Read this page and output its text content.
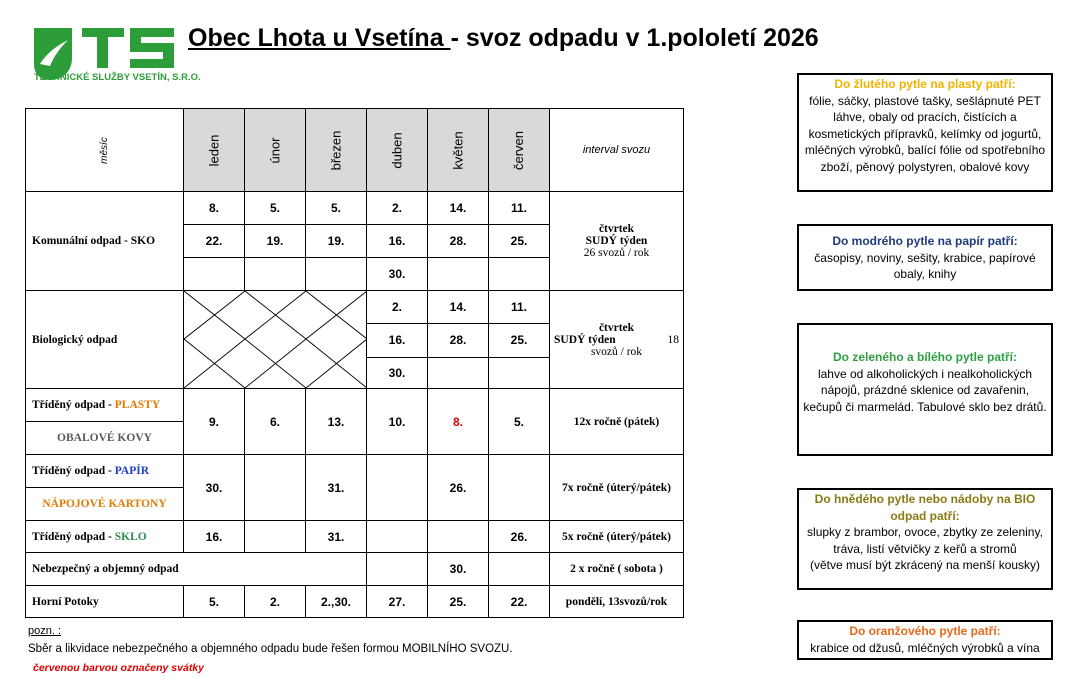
TECHNICKÉ SLUŽBY VSETÍN, S.R.O.
Obec Lhota u Vsetína - svoz odpadu v 1.pololetí 2026
měsíc	leden	únor	březen	duben	květen	červen	interval svozu
Komunální odpad - SKO	8.	5.	5.	2.	14.	11.	čtvrtek
SUDÝ týden
26 svozů / rok

	22.	19.	19.	16.	28.	25.	
				30.			
Biologický odpad				2.	14.	11.	čtvrtek
SUDÝ týden 18
svozů / rok

				16.	28.	25.	
				30.			
Tříděný odpad - PLASTY	9.	6.	13.	10.	8.	5.	12x ročně (pátek)
OBALOVÉ KOVY							
Tříděný odpad - PAPÍR	30.		31.		26.		7x ročně (úterý/pátek)
NÁPOJOVÉ KARTONY							
Tříděný odpad - SKLO	16.		31.			26.	5x ročně (úterý/pátek)
Nebezpečný a objemný odpad					30.		2 x ročně ( sobota )
Horní Potoky	5.	2.	2.,30.	27.	25.	22.	pondělí, 13svozů/rok
pozn. :
Sběr a likvidace nebezpečného a objemného odpadu bude řešen formou MOBILNÍHO SVOZU.
červenou barvou označeny svátky
Do žlutého pytle na plasty patří:
fólie, sáčky, plastové tašky, sešlápnuté PET láhve, obaly od pracích, čistících a kosmetických přípravků, kelímky od jogurtů, mléčných výrobků, balící fólie od spotřebního zboží, pěnový polystyren, obalové kovy
Do modrého pytle na papír patří:
časopisy, noviny, sešity, krabice, papírové obaly, knihy
Do zeleného a bílého pytle patří:
lahve od alkoholických i nealkoholických nápojů, prázdné sklenice od zavařenin, kečupů či marmelád. Tabulové sklo bez drátů.
Do hnědého pytle nebo nádoby na BIO odpad patří:
slupky z brambor, ovoce, zbytky ze zeleniny, tráva, listí větvičky z keřů a stromů
(větve musí být zkrácený na menší kousky)
Do oranžového pytle patří:
krabice od džusů, mléčných výrobků a vína
